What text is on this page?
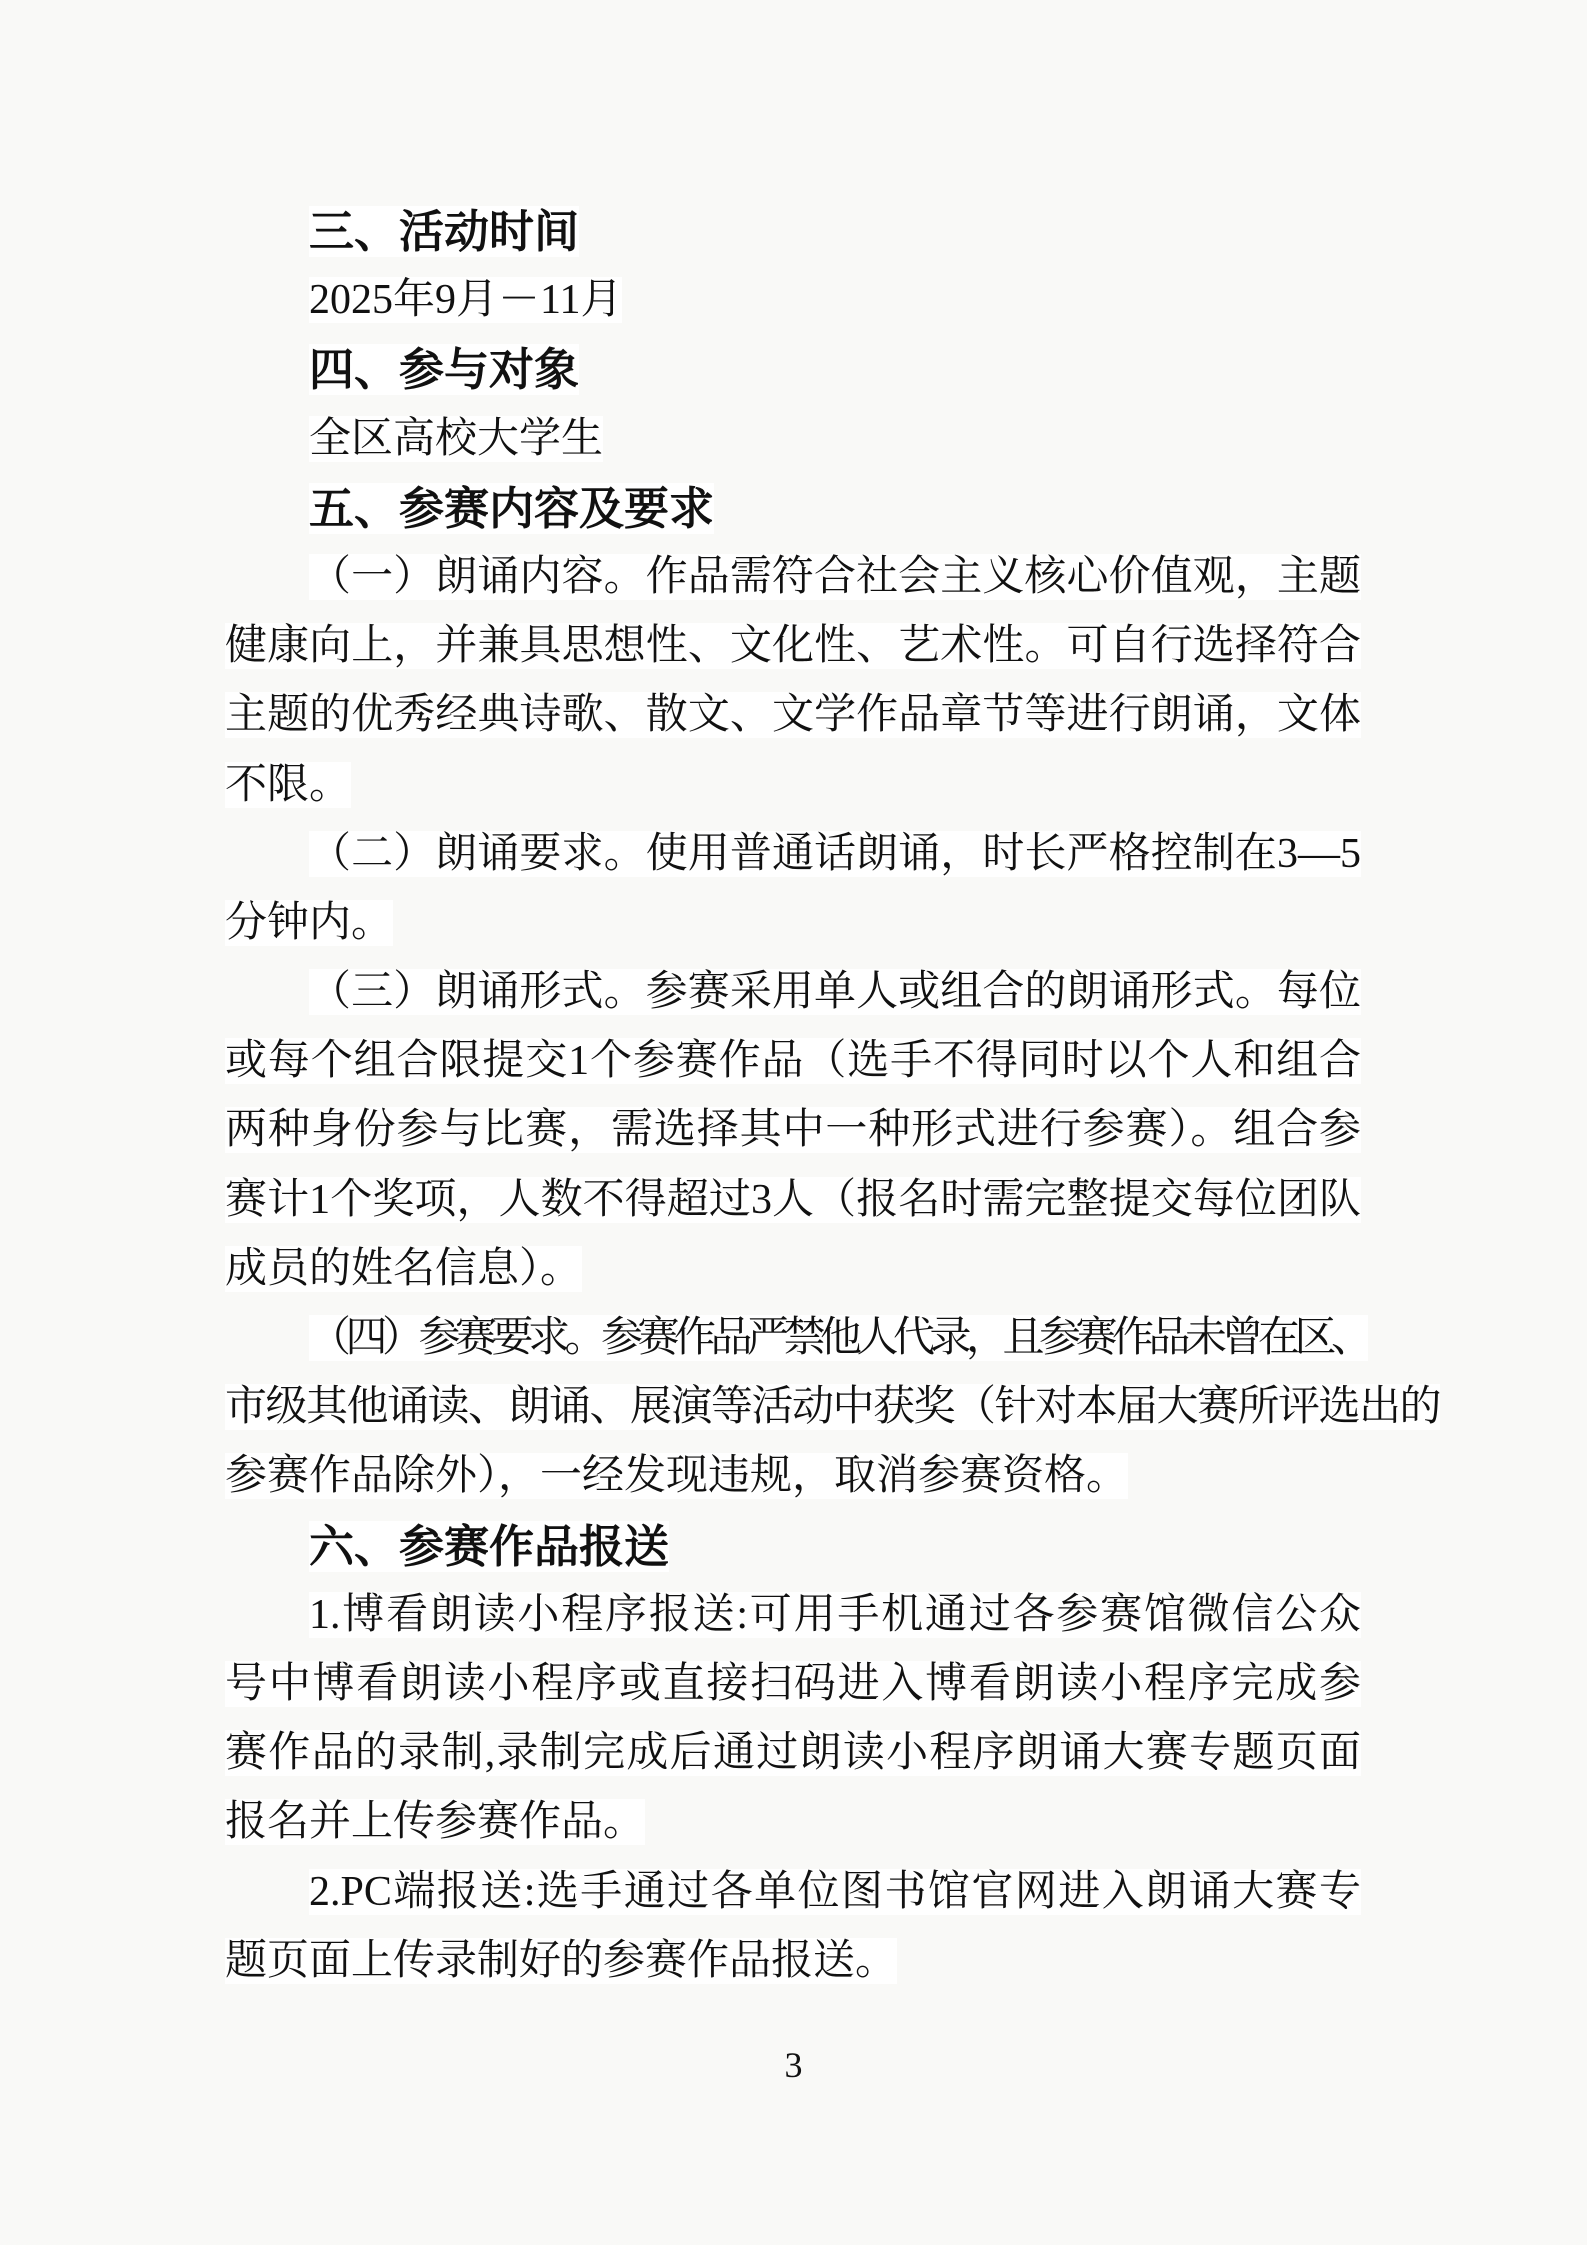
三、活动时间
2025年9月－11月
四、参与对象
全区高校大学生
五、参赛内容及要求
（一）朗诵内容。作品需符合社会主义核心价值观，主题
健康向上，并兼具思想性、文化性、艺术性。可自行选择符合
主题的优秀经典诗歌、散文、文学作品章节等进行朗诵，文体
不限。
（二）朗诵要求。使用普通话朗诵，时长严格控制在3—5
分钟内。
（三）朗诵形式。参赛采用单人或组合的朗诵形式。每位
或每个组合限提交1个参赛作品（选手不得同时以个人和组合
两种身份参与比赛，需选择其中一种形式进行参赛）。组合参
赛计1个奖项，人数不得超过3人（报名时需完整提交每位团队
成员的姓名信息）。
（四）参赛要求。参赛作品严禁他人代录，且参赛作品未曾在区、
市级其他诵读、朗诵、展演等活动中获奖（针对本届大赛所评选出的
参赛作品除外），一经发现违规，取消参赛资格。
六、参赛作品报送
1.博看朗读小程序报送:可用手机通过各参赛馆微信公众
号中博看朗读小程序或直接扫码进入博看朗读小程序完成参
赛作品的录制,录制完成后通过朗读小程序朗诵大赛专题页面
报名并上传参赛作品。
2.PC端报送:选手通过各单位图书馆官网进入朗诵大赛专
题页面上传录制好的参赛作品报送。
3
